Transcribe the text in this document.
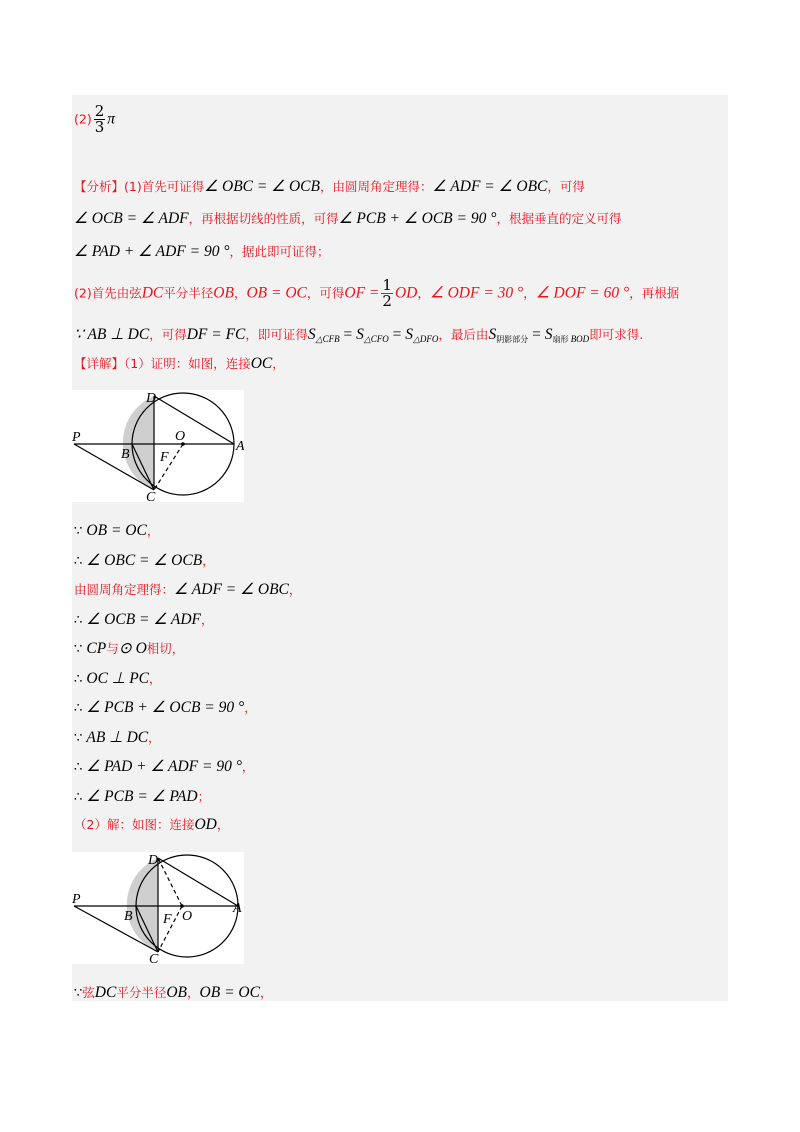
$(2) \frac{2}{3}$ π
【分析】(1)首先可证得∠ OBC = ∠ OCB，由圆周角定理得：∠ ADF = ∠ OBC，可得
∠ OCB = ∠ ADF，再根据切线的性质，可得∠ PCB + ∠ OCB = 90 °，根据垂直的定义可得
∠ PAD + ∠ ADF = 90 °，据此即可证得；
(2)首先由弦DC平分半径OB，OB = OC，可得OF = $\frac{1}{2}$ OD，∠ ODF = 30 °，∠ DOF = 60 °，再根据
∵ AB ⊥ DC，可得DF = FC，即可证得$S_{\triangle CFB} = S_{\triangle CFO} = S_{\triangle DFO}$，最后由$S_{阴影部分} = S_{扇形 BOD}$即可求得.
【详解】（1）证明：如图，连接OC，
P
B F
O
A
D
C
∵ OB = OC，
∴ ∠ OBC = ∠ OCB，
由圆周角定理得：∠ ADF = ∠ OBC，
∴ ∠ OCB = ∠ ADF，
∵ CP与⊙ O相切，
∴ OC ⊥ PC，
∴ ∠ PCB + ∠ OCB = 90 °，
∵ AB ⊥ DC，
∴ ∠ PAD + ∠ ADF = 90 °，
∴ ∠ PCB = ∠ PAD；
（2）解：如图：连接OD，
P
B F O
A
D
C
∵弦DC平分半径OB，OB = OC，
